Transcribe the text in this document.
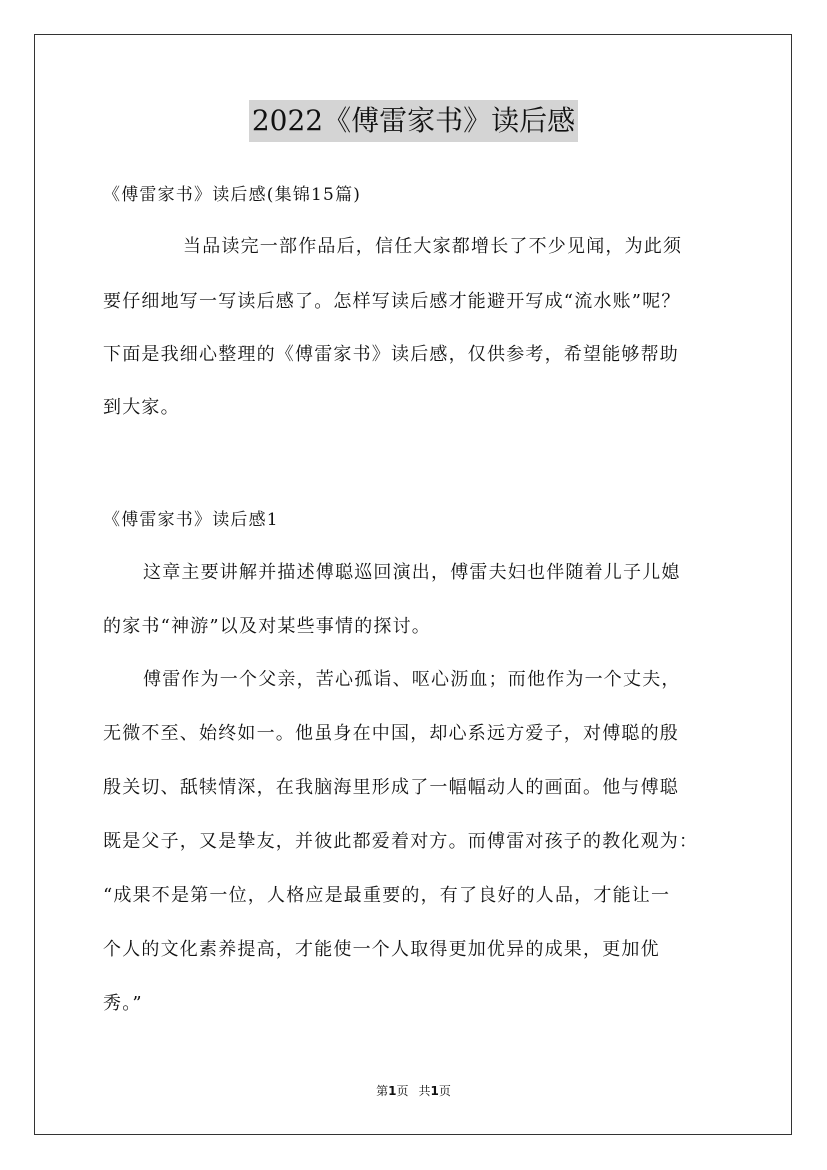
2022《傅雷家书》读后感
《傅雷家书》读后感(集锦15篇)
当品读完一部作品后，信任大家都增长了不少见闻，为此须
要仔细地写一写读后感了。怎样写读后感才能避开写成“流水账”呢？
下面是我细心整理的《傅雷家书》读后感，仅供参考，希望能够帮助
到大家。
《傅雷家书》读后感1
这章主要讲解并描述傅聪巡回演出，傅雷夫妇也伴随着儿子儿媳
的家书“神游”以及对某些事情的探讨。
傅雷作为一个父亲，苦心孤诣、呕心沥血；而他作为一个丈夫，
无微不至、始终如一。他虽身在中国，却心系远方爱子，对傅聪的殷
殷关切、舐犊情深，在我脑海里形成了一幅幅动人的画面。他与傅聪
既是父子，又是挚友，并彼此都爱着对方。而傅雷对孩子的教化观为：
“成果不是第一位，人格应是最重要的，有了良好的人品，才能让一
个人的文化素养提高，才能使一个人取得更加优异的成果，更加优
秀。”
第1页 共1页
